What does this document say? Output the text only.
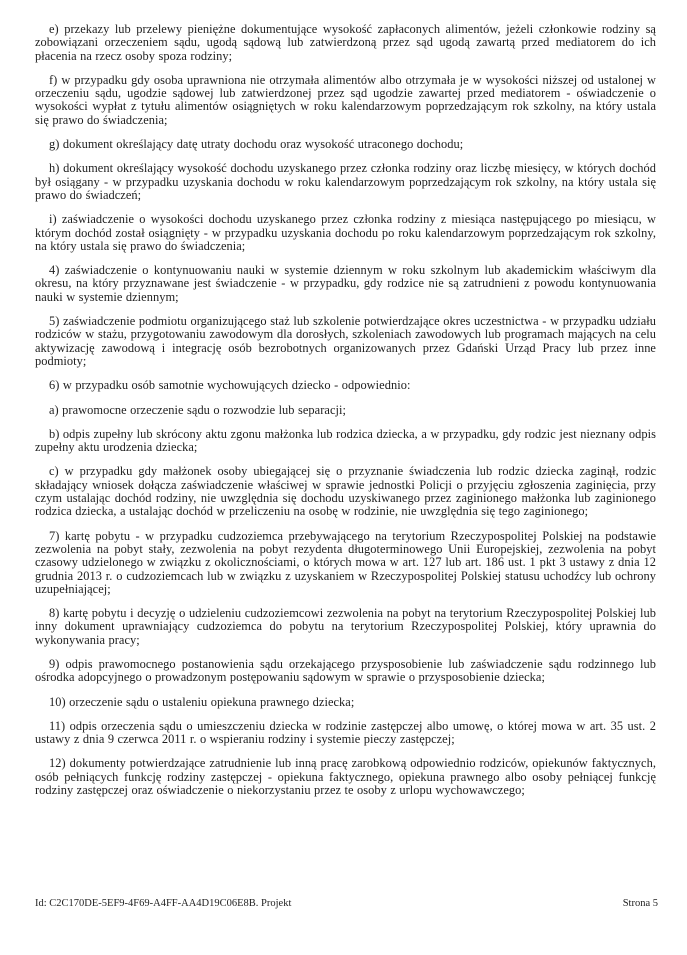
e) przekazy lub przelewy pieniężne dokumentujące wysokość zapłaconych alimentów, jeżeli członkowie rodziny są zobowiązani orzeczeniem sądu, ugodą sądową lub zatwierdzoną przez sąd ugodą zawartą przed mediatorem do ich płacenia na rzecz osoby spoza rodziny;

f) w przypadku gdy osoba uprawniona nie otrzymała alimentów albo otrzymała je w wysokości niższej od ustalonej w orzeczeniu sądu, ugodzie sądowej lub zatwierdzonej przez sąd ugodzie zawartej przed mediatorem - oświadczenie o wysokości wypłat z tytułu alimentów osiągniętych w roku kalendarzowym poprzedzającym rok szkolny, na który ustala się prawo do świadczenia;

g) dokument określający datę utraty dochodu oraz wysokość utraconego dochodu;

h) dokument określający wysokość dochodu uzyskanego przez członka rodziny oraz liczbę miesięcy, w których dochód był osiągany - w przypadku uzyskania dochodu w roku kalendarzowym poprzedzającym rok szkolny, na który ustala się prawo do świadczeń;

i) zaświadczenie o wysokości dochodu uzyskanego przez członka rodziny z miesiąca następującego po miesiącu, w którym dochód został osiągnięty - w przypadku uzyskania dochodu po roku kalendarzowym poprzedzającym rok szkolny, na który ustala się prawo do świadczenia;

4) zaświadczenie o kontynuowaniu nauki w systemie dziennym w roku szkolnym lub akademickim właściwym dla okresu, na który przyznawane jest świadczenie - w przypadku, gdy rodzice nie są zatrudnieni z powodu kontynuowania nauki w systemie dziennym;

5) zaświadczenie podmiotu organizującego staż lub szkolenie potwierdzające okres uczestnictwa - w przypadku udziału rodziców w stażu, przygotowaniu zawodowym dla dorosłych, szkoleniach zawodowych lub programach mających na celu aktywizację zawodową i integrację osób bezrobotnych organizowanych przez Gdański Urząd Pracy lub przez inne podmioty;

6) w przypadku osób samotnie wychowujących dziecko - odpowiednio:

a) prawomocne orzeczenie sądu o rozwodzie lub separacji;

b) odpis zupełny lub skrócony aktu zgonu małżonka lub rodzica dziecka, a w przypadku, gdy rodzic jest nieznany odpis zupełny aktu urodzenia dziecka;

c) w przypadku gdy małżonek osoby ubiegającej się o przyznanie świadczenia lub rodzic dziecka zaginął, rodzic składający wniosek dołącza zaświadczenie właściwej w sprawie jednostki Policji o przyjęciu zgłoszenia zaginięcia, przy czym ustalając dochód rodziny, nie uwzględnia się dochodu uzyskiwanego przez zaginionego małżonka lub zaginionego rodzica dziecka, a ustalając dochód w przeliczeniu na osobę w rodzinie, nie uwzględnia się tego zaginionego;

7) kartę pobytu - w przypadku cudzoziemca przebywającego na terytorium Rzeczypospolitej Polskiej na podstawie zezwolenia na pobyt stały, zezwolenia na pobyt rezydenta długoterminowego Unii Europejskiej, zezwolenia na pobyt czasowy udzielonego w związku z okolicznościami, o których mowa w art. 127 lub art. 186 ust. 1 pkt 3 ustawy z dnia 12 grudnia 2013 r. o cudzoziemcach lub w związku z uzyskaniem w Rzeczypospolitej Polskiej statusu uchodźcy lub ochrony uzupełniającej;

8) kartę pobytu i decyzję o udzieleniu cudzoziemcowi zezwolenia na pobyt na terytorium Rzeczypospolitej Polskiej lub inny dokument uprawniający cudzoziemca do pobytu na terytorium Rzeczypospolitej Polskiej, który uprawnia do wykonywania pracy;

9) odpis prawomocnego postanowienia sądu orzekającego przysposobienie lub zaświadczenie sądu rodzinnego lub ośrodka adopcyjnego o prowadzonym postępowaniu sądowym w sprawie o przysposobienie dziecka;

10) orzeczenie sądu o ustaleniu opiekuna prawnego dziecka;

11) odpis orzeczenia sądu o umieszczeniu dziecka w rodzinie zastępczej albo umowę, o której mowa w art. 35 ust. 2 ustawy z dnia 9 czerwca 2011 r. o wspieraniu rodziny i systemie pieczy zastępczej;

12) dokumenty potwierdzające zatrudnienie lub inną pracę zarobkową odpowiednio rodziców, opiekunów faktycznych, osób pełniących funkcję rodziny zastępczej - opiekuna faktycznego, opiekuna prawnego albo osoby pełniącej funkcję rodziny zastępczej oraz oświadczenie o niekorzystaniu przez te osoby z urlopu wychowawczego;

Id: C2C170DE-5EF9-4F69-A4FF-AA4D19C06E8B. Projekt	Strona 5
